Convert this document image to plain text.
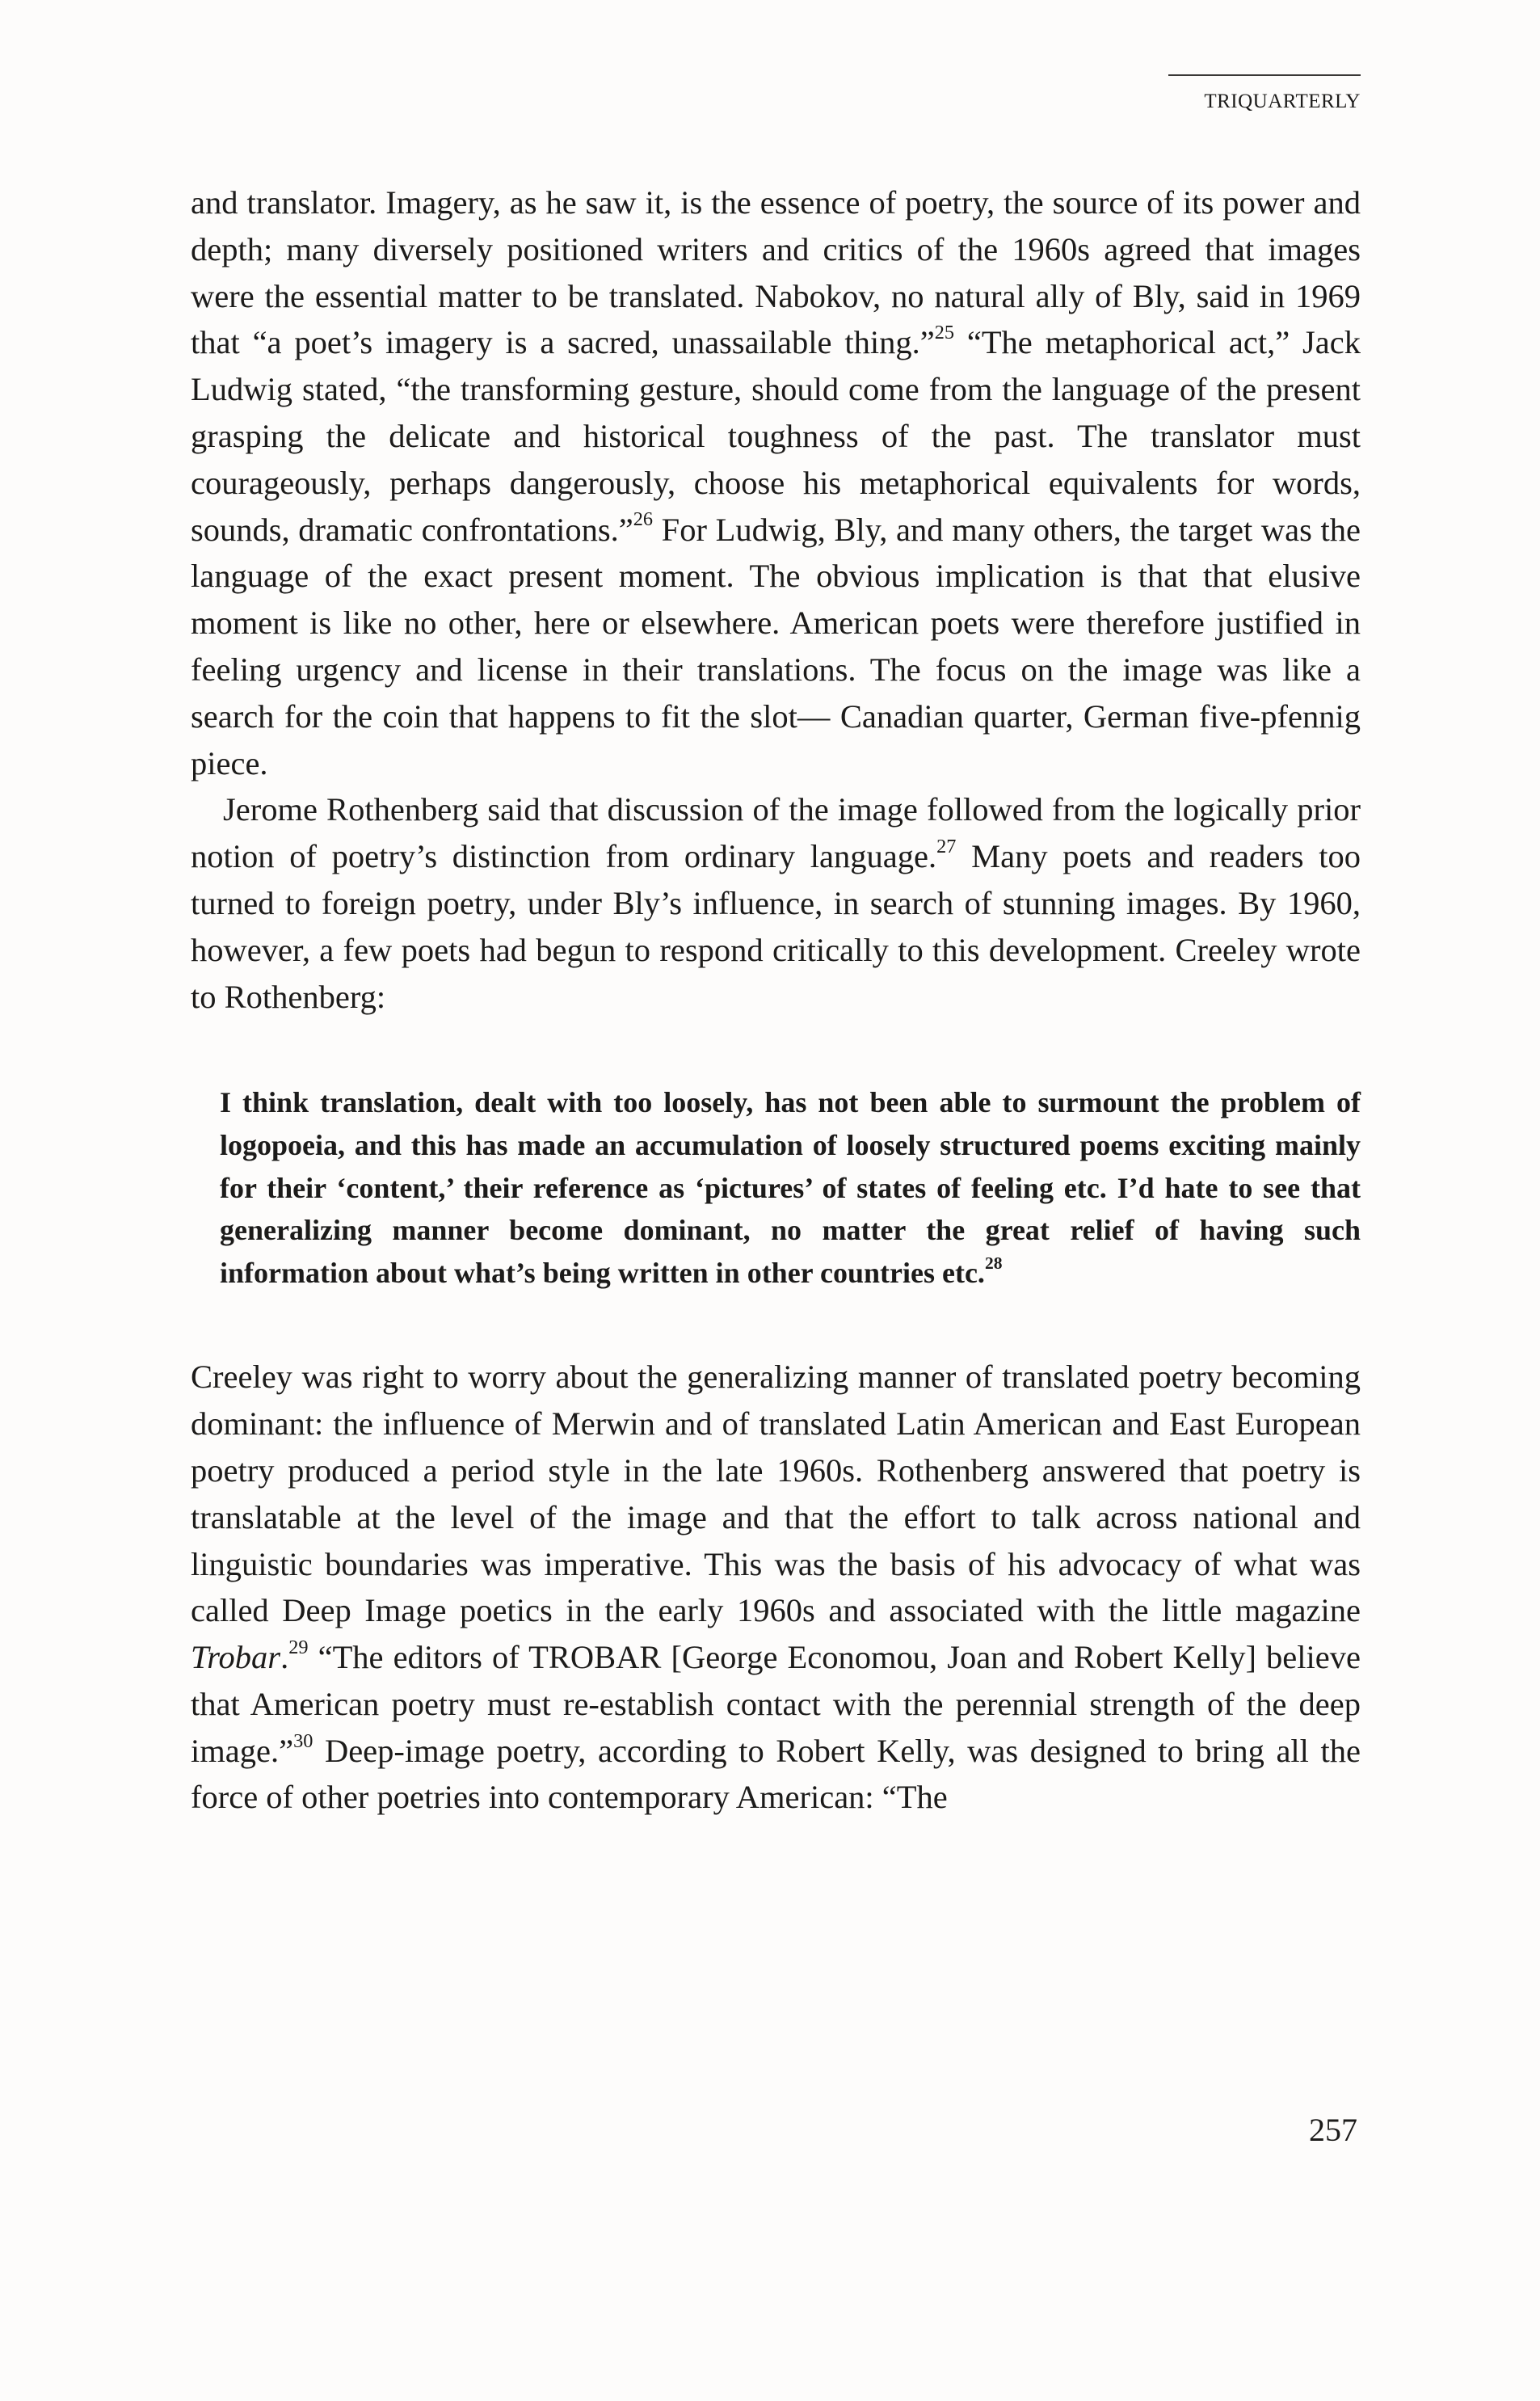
TRIQUARTERLY

and translator. Imagery, as he saw it, is the essence of poetry, the source of its power and depth; many diversely positioned writers and critics of the 1960s agreed that images were the essential matter to be translated. Nabokov, no natural ally of Bly, said in 1969 that “a poet’s imagery is a sacred, unassailable thing.”$^{25}$ “The metaphorical act,” Jack Ludwig stated, “the transforming gesture, should come from the language of the present grasping the delicate and historical toughness of the past. The translator must courageously, perhaps dangerously, choose his metaphorical equivalents for words, sounds, dramatic confrontations.”$^{26}$ For Ludwig, Bly, and many others, the target was the language of the exact present moment. The obvious implication is that that elusive moment is like no other, here or elsewhere. American poets were therefore justified in feeling urgency and license in their translations. The focus on the image was like a search for the coin that happens to fit the slot— Canadian quarter, German five-pfennig piece.

Jerome Rothenberg said that discussion of the image followed from the logically prior notion of poetry’s distinction from ordinary language.$^{27}$ Many poets and readers too turned to foreign poetry, under Bly’s influence, in search of stunning images. By 1960, however, a few poets had begun to respond critically to this development. Creeley wrote to Rothenberg:

I think translation, dealt with too loosely, has not been able to surmount the problem of logopoeia, and this has made an accumulation of loosely structured poems exciting mainly for their ‘content,’ their reference as ‘pictures’ of states of feeling etc. I’d hate to see that generalizing manner become dominant, no matter the great relief of having such information about what’s being written in other countries etc.$^{28}$

Creeley was right to worry about the generalizing manner of translated poetry becoming dominant: the influence of Merwin and of translated Latin American and East European poetry produced a period style in the late 1960s. Rothenberg answered that poetry is translatable at the level of the image and that the effort to talk across national and linguistic boundaries was imperative. This was the basis of his advocacy of what was called Deep Image poetics in the early 1960s and associated with the little magazine Trobar.$^{29}$ “The editors of TROBAR [George Economou, Joan and Robert Kelly] believe that American poetry must re-establish contact with the perennial strength of the deep image.”$^{30}$ Deep-image poetry, according to Robert Kelly, was designed to bring all the force of other poetries into contemporary American: “The

257
